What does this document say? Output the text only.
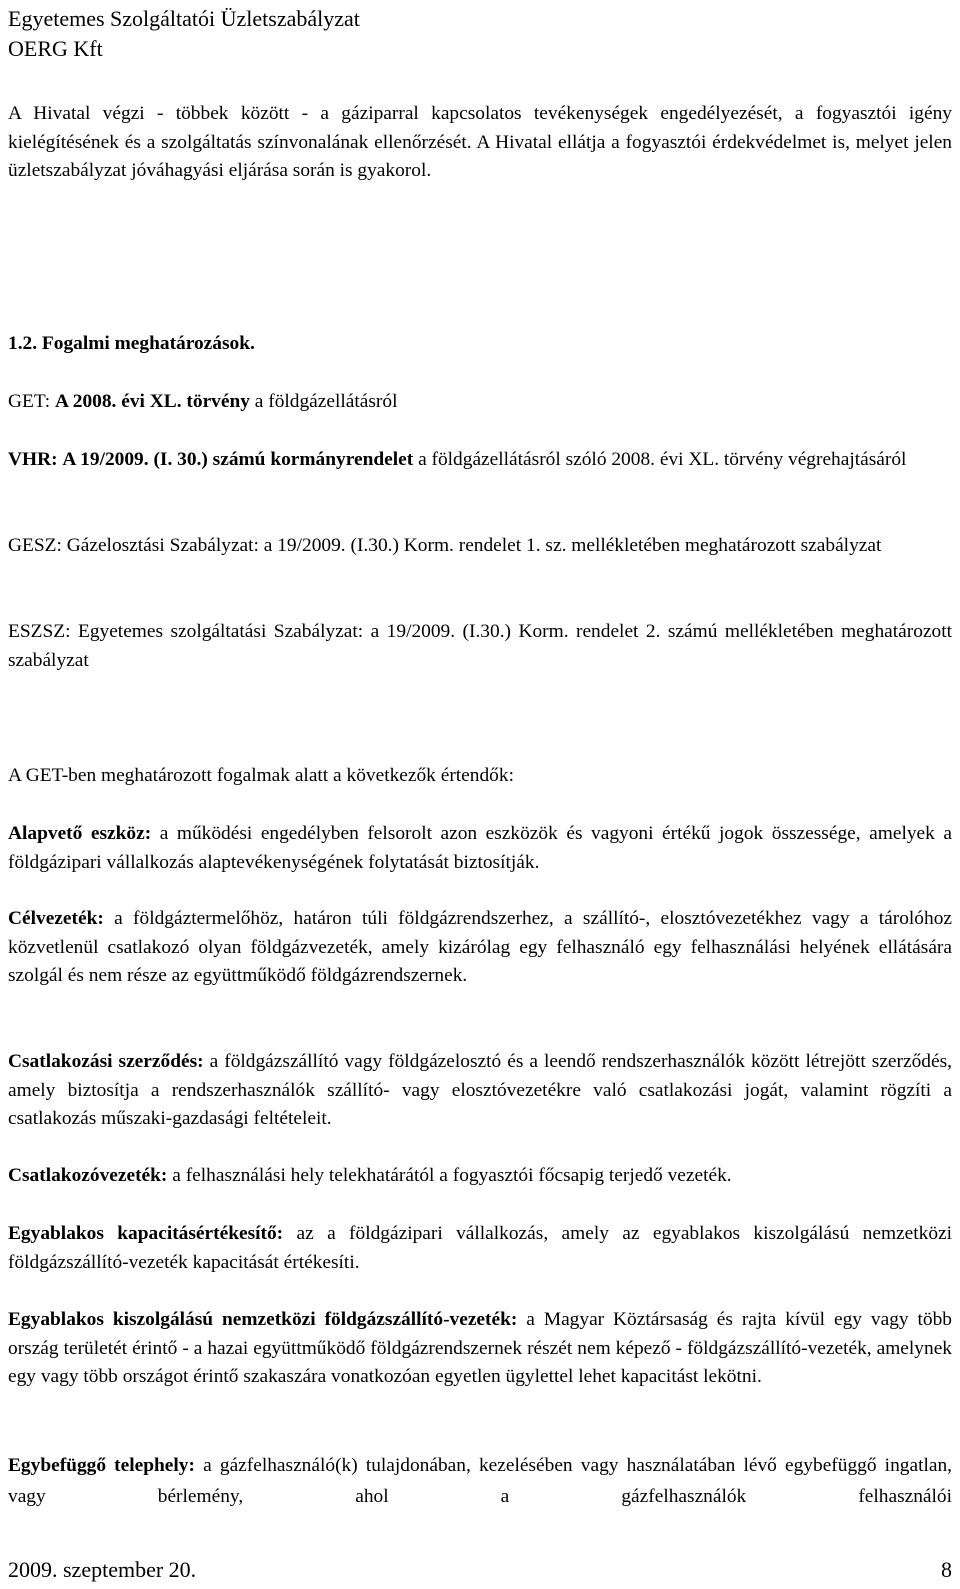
Egyetemes Szolgáltatói Üzletszabályzat
OERG Kft

A Hivatal végzi - többek között - a gáziparral kapcsolatos tevékenységek engedélyezését, a fogyasztói igény kielégítésének és a szolgáltatás színvonalának ellenőrzését. A Hivatal ellátja a fogyasztói érdekvédelmet is, melyet jelen üzletszabályzat jóváhagyási eljárása során is gyakorol.

1.2. Fogalmi meghatározások.

GET: A 2008. évi XL. törvény a földgázellátásról

VHR: A 19/2009. (I. 30.) számú kormányrendelet a földgázellátásról szóló 2008. évi XL. törvény végrehajtásáról

GESZ: Gázelosztási Szabályzat: a 19/2009. (I.30.) Korm. rendelet 1. sz. mellékletében meghatározott szabályzat

ESZSZ: Egyetemes szolgáltatási Szabályzat: a 19/2009. (I.30.) Korm. rendelet 2. számú mellékletében meghatározott szabályzat

A GET-ben meghatározott fogalmak alatt a következők értendők:

Alapvető eszköz: a működési engedélyben felsorolt azon eszközök és vagyoni értékű jogok összessége, amelyek a földgázipari vállalkozás alaptevékenységének folytatását biztosítják.

Célvezeték: a földgáztermelőhöz, határon túli földgázrendszerhez, a szállító-, elosztóvezetékhez vagy a tárolóhoz közvetlenül csatlakozó olyan földgázvezeték, amely kizárólag egy felhasználó egy felhasználási helyének ellátására szolgál és nem része az együttműködő földgázrendszernek.

Csatlakozási szerződés: a földgázszállító vagy földgázelosztó és a leendő rendszerhasználók között létrejött szerződés, amely biztosítja a rendszerhasználók szállító- vagy elosztóvezetékre való csatlakozási jogát, valamint rögzíti a csatlakozás műszaki-gazdasági feltételeit.

Csatlakozóvezeték: a felhasználási hely telekhatárától a fogyasztói főcsapig terjedő vezeték.

Egyablakos kapacitásértékesítő: az a földgázipari vállalkozás, amely az egyablakos kiszolgálású nemzetközi földgázszállító-vezeték kapacitását értékesíti.

Egyablakos kiszolgálású nemzetközi földgázszállító-vezeték: a Magyar Köztársaság és rajta kívül egy vagy több ország területét érintő - a hazai együttműködő földgázrendszernek részét nem képező - földgázszállító-vezeték, amelynek egy vagy több országot érintő szakaszára vonatkozóan egyetlen ügylettel lehet kapacitást lekötni.

Egybefüggő telephely: a gázfelhasználó(k) tulajdonában, kezelésében vagy használatában lévő egybefüggő ingatlan, vagy bérlemény, ahol a gázfelhasználók felhasználói

2009. szeptember 20.	8
